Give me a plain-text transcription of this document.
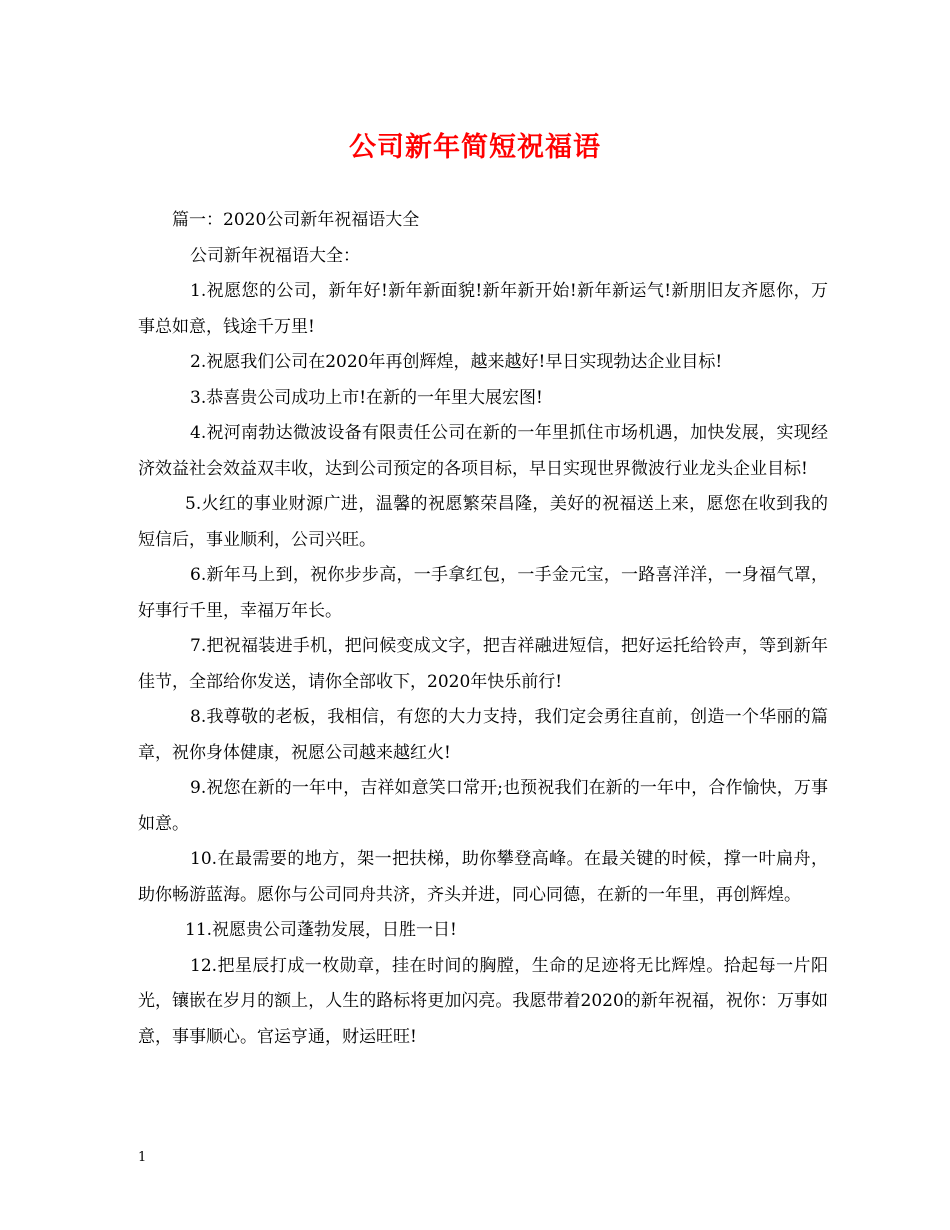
公司新年简短祝福语

篇一：2020公司新年祝福语大全

公司新年祝福语大全：

1.祝愿您的公司，新年好!新年新面貌!新年新开始!新年新运气!新朋旧友齐愿你，万事总如意，钱途千万里!

2.祝愿我们公司在2020年再创辉煌，越来越好!早日实现勃达企业目标!

3.恭喜贵公司成功上市!在新的一年里大展宏图!

4.祝河南勃达微波设备有限责任公司在新的一年里抓住市场机遇，加快发展，实现经济效益社会效益双丰收，达到公司预定的各项目标，早日实现世界微波行业龙头企业目标!

5.火红的事业财源广进，温馨的祝愿繁荣昌隆，美好的祝福送上来，愿您在收到我的短信后，事业顺利，公司兴旺。

6.新年马上到，祝你步步高，一手拿红包，一手金元宝，一路喜洋洋，一身福气罩，好事行千里，幸福万年长。

7.把祝福装进手机，把问候变成文字，把吉祥融进短信，把好运托给铃声，等到新年佳节，全部给你发送，请你全部收下，2020年快乐前行!

8.我尊敬的老板，我相信，有您的大力支持，我们定会勇往直前，创造一个华丽的篇章，祝你身体健康，祝愿公司越来越红火!

9.祝您在新的一年中，吉祥如意笑口常开;也预祝我们在新的一年中，合作愉快，万事如意。

10.在最需要的地方，架一把扶梯，助你攀登高峰。在最关键的时候，撑一叶扁舟，助你畅游蓝海。愿你与公司同舟共济，齐头并进，同心同德，在新的一年里，再创辉煌。

11.祝愿贵公司蓬勃发展，日胜一日!

12.把星辰打成一枚勋章，挂在时间的胸膛，生命的足迹将无比辉煌。拾起每一片阳光，镶嵌在岁月的额上，人生的路标将更加闪亮。我愿带着2020的新年祝福，祝你：万事如意，事事顺心。官运亨通，财运旺旺!

1
